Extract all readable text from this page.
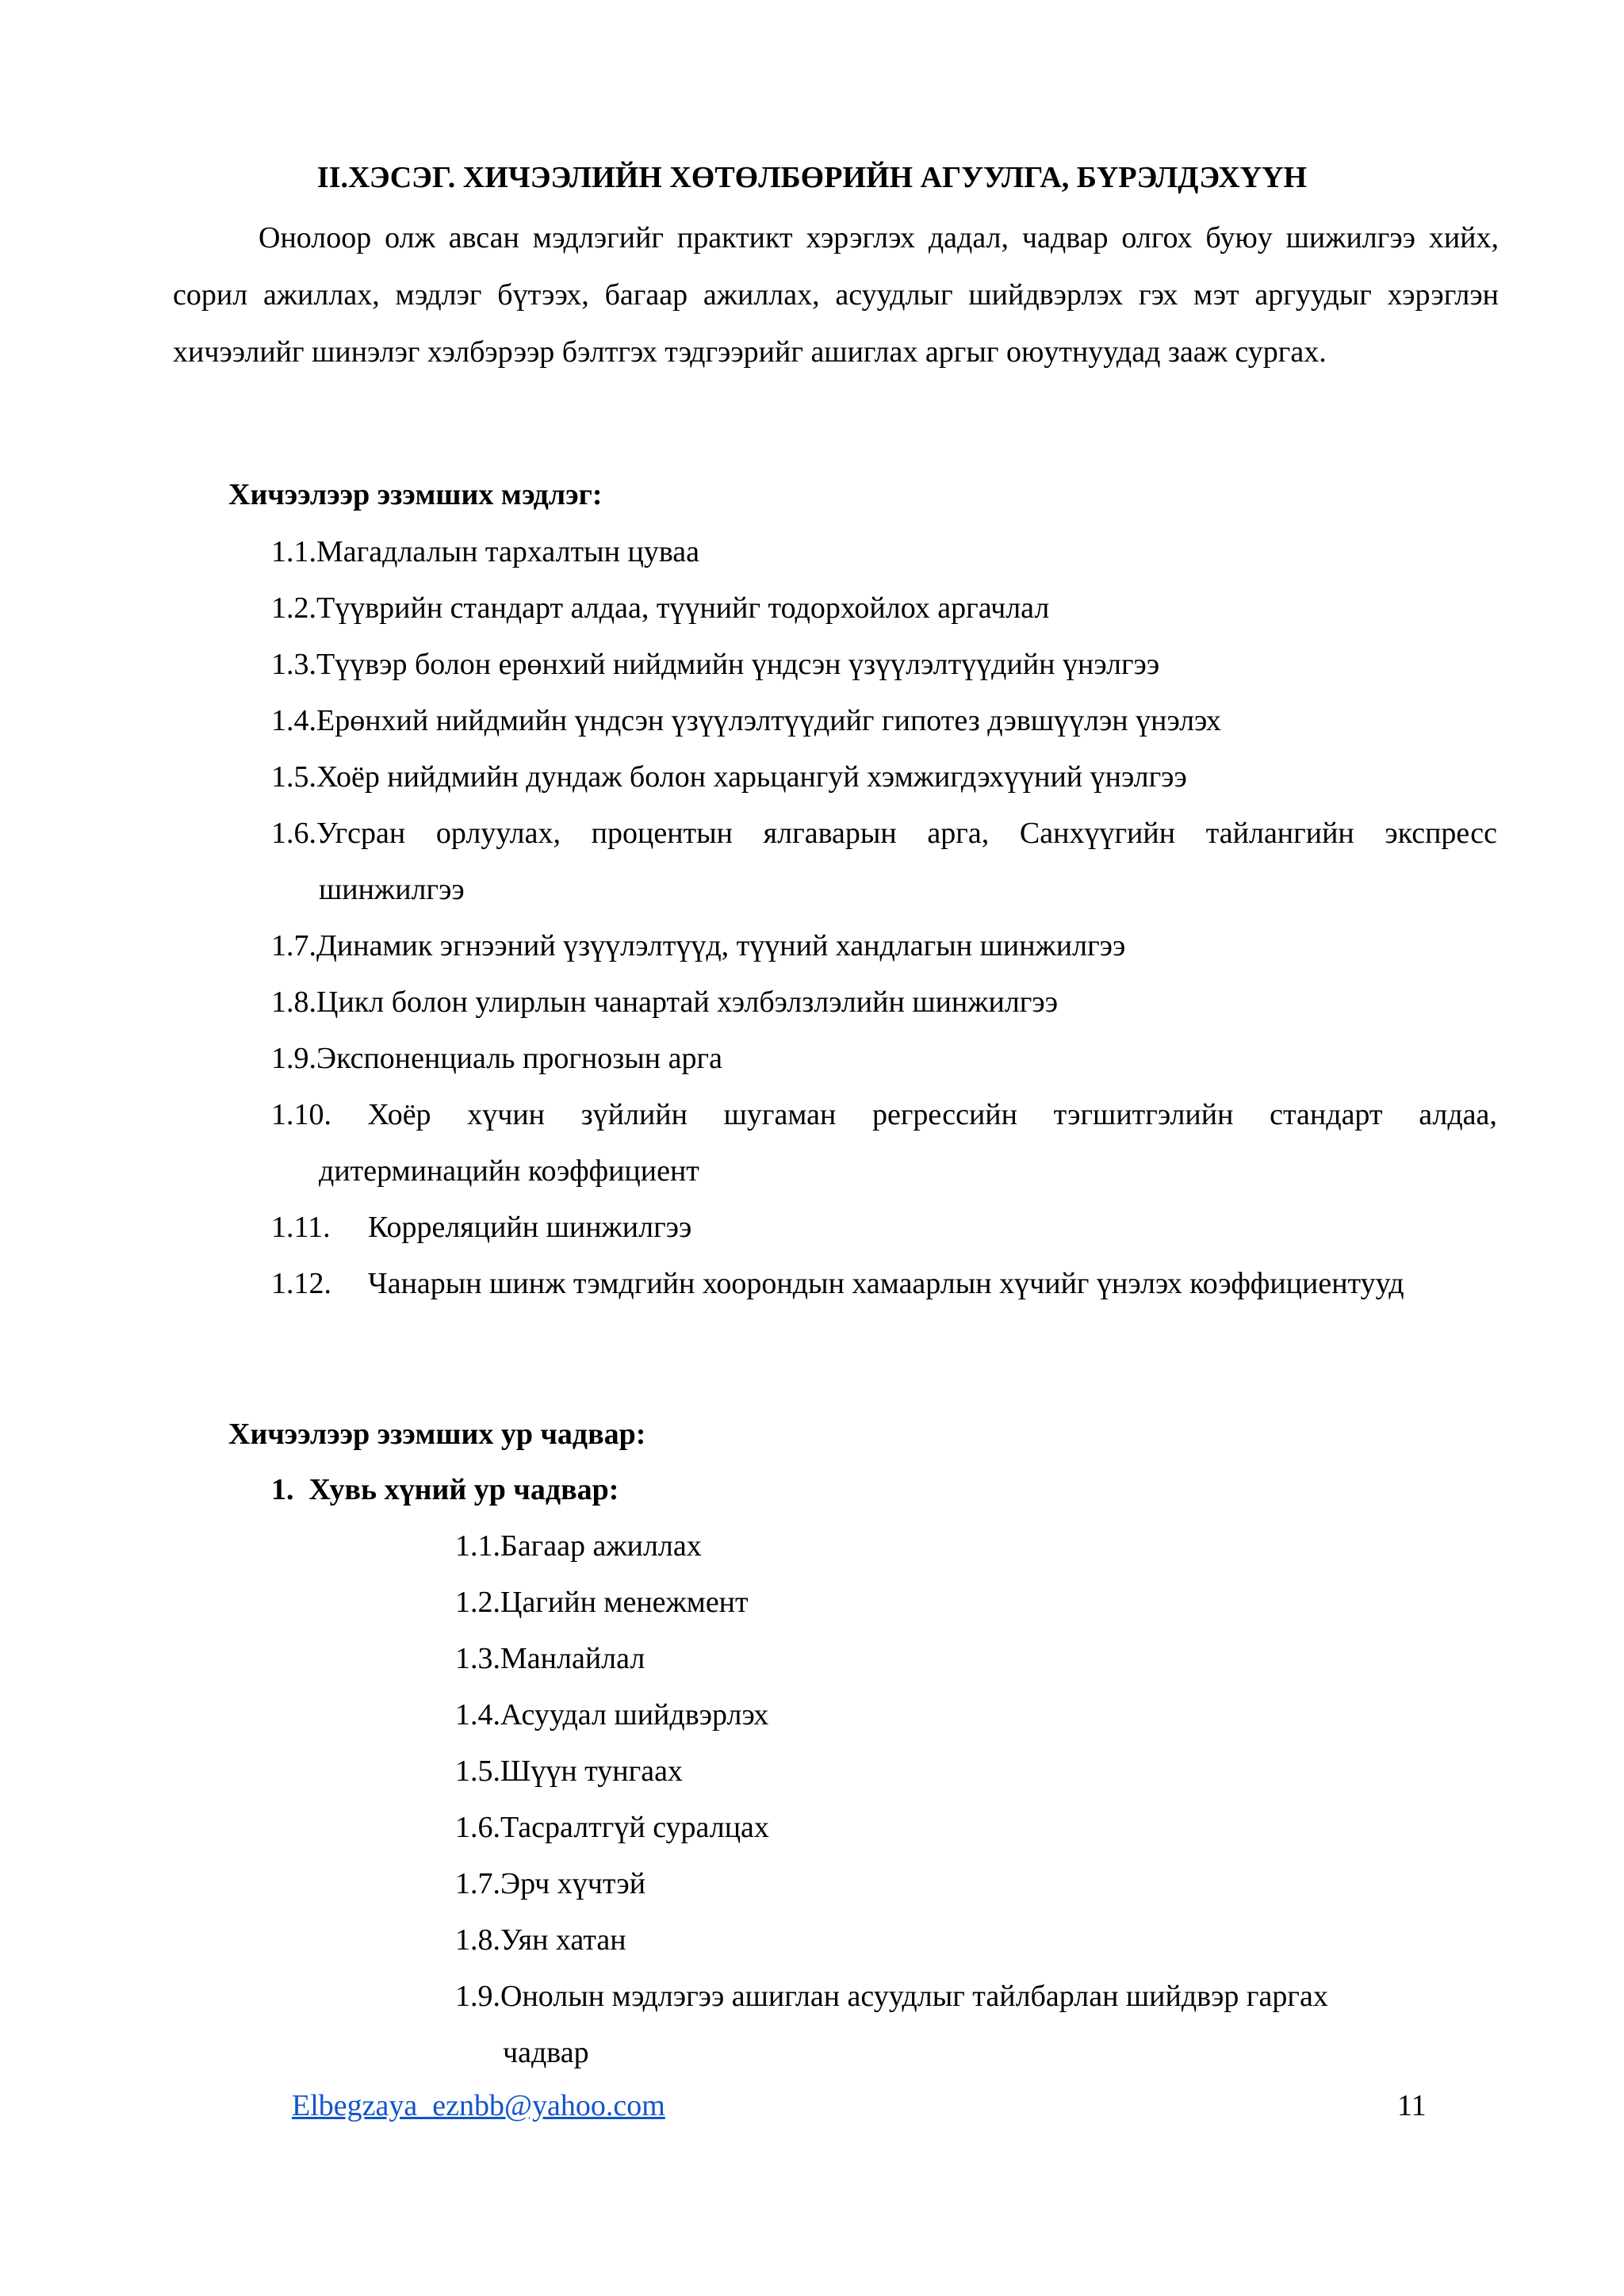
II.ХЭСЭГ. ХИЧЭЭЛИЙН ХӨТӨЛБӨРИЙН АГУУЛГА, БҮРЭЛДЭХҮҮН
Онолоор олж авсан мэдлэгийг практикт хэрэглэх дадал, чадвар олгох буюу шижилгээ хийх, сорил ажиллах, мэдлэг бүтээх, багаар ажиллах, асуудлыг шийдвэрлэх гэх мэт аргуудыг хэрэглэн хичээлийг шинэлэг хэлбэрээр бэлтгэх тэдгээрийг ашиглах аргыг оюутнуудад зааж сургах.
Хичээлээр эзэмших мэдлэг:
1.1.Магадлалын тархалтын цуваа
1.2.Түүврийн стандарт алдаа, түүнийг тодорхойлох аргачлал
1.3.Түүвэр болон ерөнхий нийдмийн үндсэн үзүүлэлтүүдийн үнэлгээ
1.4.Ерөнхий нийдмийн үндсэн үзүүлэлтүүдийг гипотез дэвшүүлэн үнэлэх
1.5.Хоёр нийдмийн дундаж болон харьцангуй хэмжигдэхүүний үнэлгээ
1.6.Угсран орлуулах, процентын ялгаварын арга, Санхүүгийн тайлангийн экспресс
шинжилгээ
1.7.Динамик эгнээний үзүүлэлтүүд, түүний хандлагын шинжилгээ
1.8.Цикл болон улирлын чанартай хэлбэлзлэлийн шинжилгээ
1.9.Экспоненциаль прогнозын арга
1.10. Хоёр хүчин зүйлийн шугаман регрессийн тэгшитгэлийн стандарт алдаа,
дитерминацийн коэффициент
1.11. Корреляцийн шинжилгээ
1.12. Чанарын шинж тэмдгийн хоорондын хамаарлын хүчийг үнэлэх коэффициентууд
Хичээлээр эзэмших ур чадвар:
1.  Хувь хүний ур чадвар:
1.1.Багаар ажиллах
1.2.Цагийн менежмент
1.3.Манлайлал
1.4.Асуудал шийдвэрлэх
1.5.Шүүн тунгаах
1.6.Тасралтгүй суралцах
1.7.Эрч хүчтэй
1.8.Уян хатан
1.9.Онолын мэдлэгээ ашиглан асуудлыг тайлбарлан шийдвэр гаргах
чадвар
Elbegzaya_eznbb@yahoo.com	11
